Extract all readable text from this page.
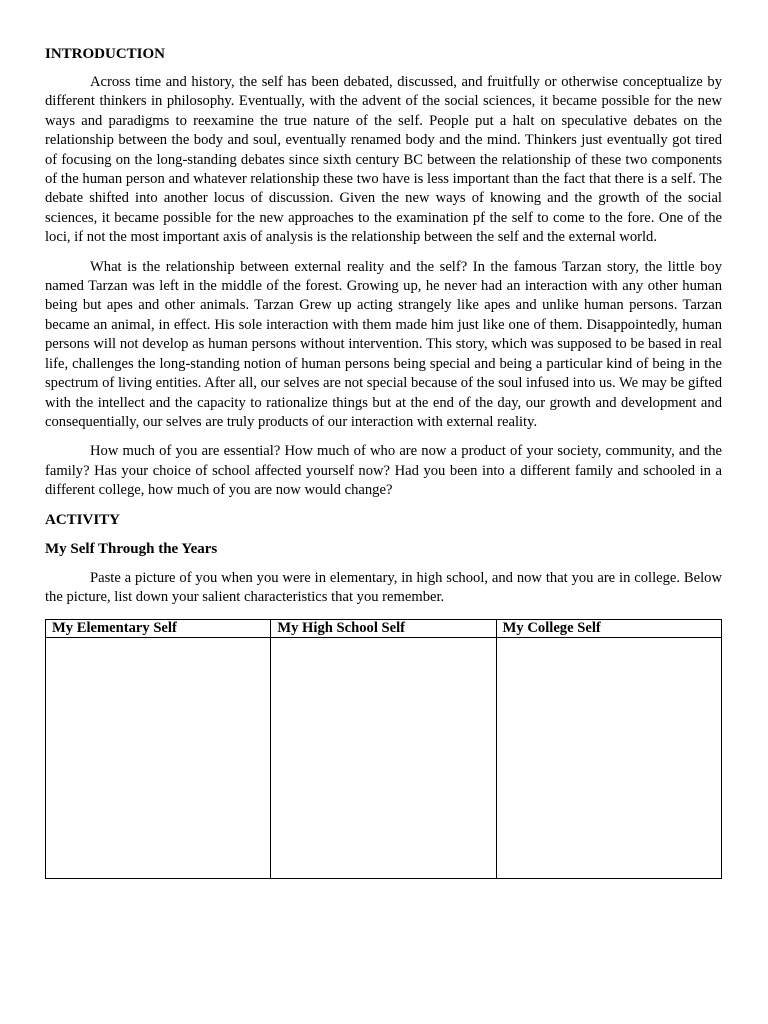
INTRODUCTION

Across time and history, the self has been debated, discussed, and fruitfully or otherwise conceptualize by different thinkers in philosophy. Eventually, with the advent of the social sciences, it became possible for the new ways and paradigms to reexamine the true nature of the self. People put a halt on speculative debates on the relationship between the body and soul, eventually renamed body and the mind. Thinkers just eventually got tired of focusing on the long-standing debates since sixth century BC between the relationship of these two components of the human person and whatever relationship these two have is less important than the fact that there is a self. The debate shifted into another locus of discussion. Given the new ways of knowing and the growth of the social sciences, it became possible for the new approaches to the examination pf the self to come to the fore. One of the loci, if not the most important axis of analysis is the relationship between the self and the external world.

What is the relationship between external reality and the self? In the famous Tarzan story, the little boy named Tarzan was left in the middle of the forest. Growing up, he never had an interaction with any other human being but apes and other animals. Tarzan Grew up acting strangely like apes and unlike human persons. Tarzan became an animal, in effect. His sole interaction with them made him just like one of them. Disappointedly, human persons will not develop as human persons without intervention. This story, which was supposed to be based in real life, challenges the long-standing notion of human persons being special and being a particular kind of being in the spectrum of living entities. After all, our selves are not special because of the soul infused into us. We may be gifted with the intellect and the capacity to rationalize things but at the end of the day, our growth and development and consequentially, our selves are truly products of our interaction with external reality.

How much of you are essential? How much of who are now a product of your society, community, and the family? Has your choice of school affected yourself now? Had you been into a different family and schooled in a different college, how much of you are now would change?

ACTIVITY

My Self Through the Years

Paste a picture of you when you were in elementary, in high school, and now that you are in college. Below the picture, list down your salient characteristics that you remember.

My Elementary Self	My High School Self	My College Self
